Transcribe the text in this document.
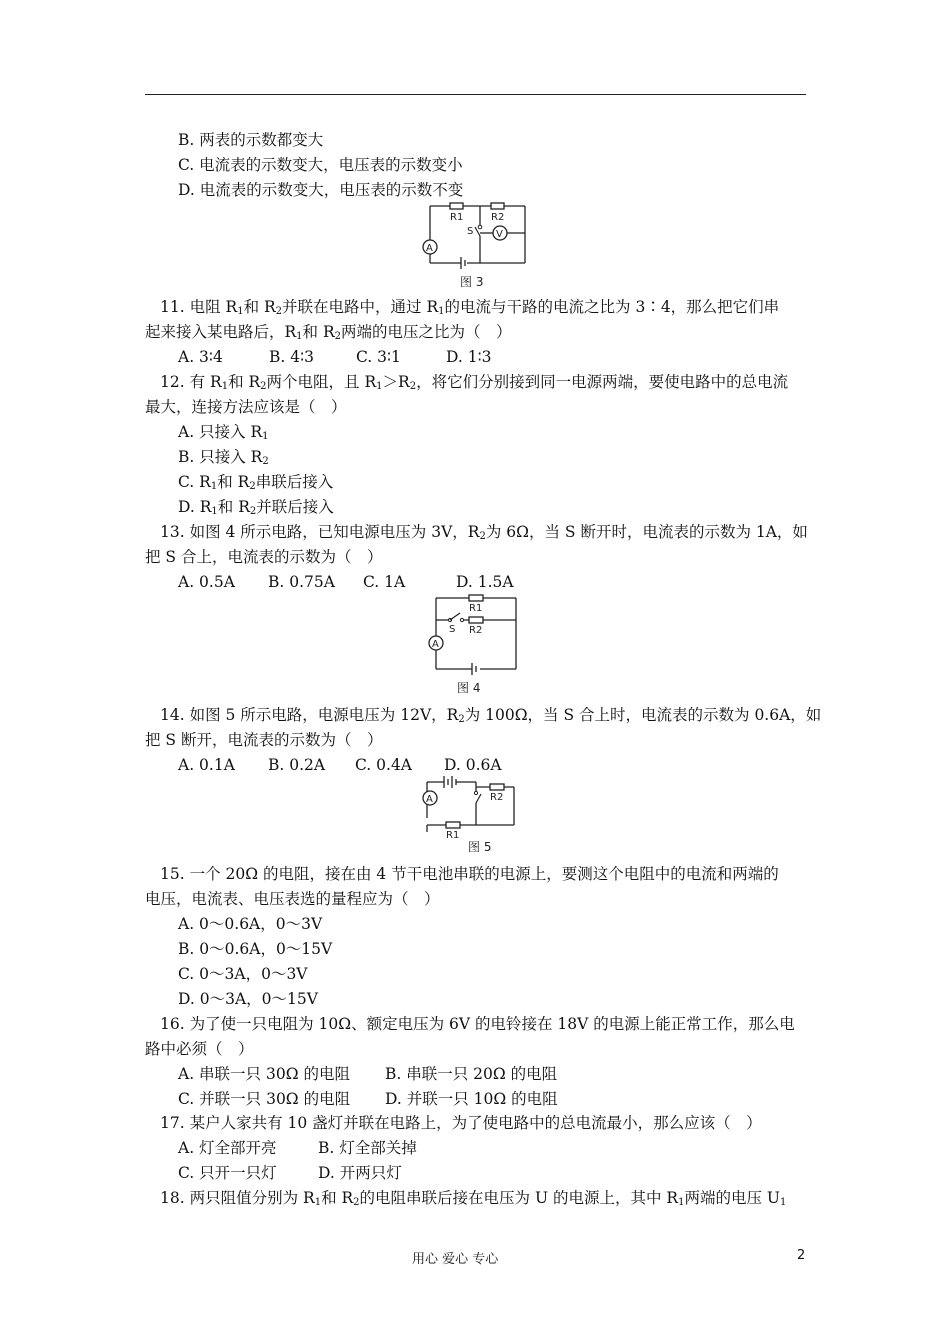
B. 两表的示数都变大
C. 电流表的示数变大，电压表的示数变小
D. 电流表的示数变大，电压表的示数不变
R1	R2
S
A
V
图 3
11. 电阻 $R_1$和 $R_2$并联在电路中，通过 $R_1$的电流与干路的电流之比为 3∶4，那么把它们串
起来接入某电路后，$R_1$和 $R_2$两端的电压之比为（　）
A. 3∶4	B. 4∶3	C. 3∶1	D. 1∶3
12. 有 $R_1$和 $R_2$两个电阻，且 $R_1>R_2$，将它们分别接到同一电源两端，要使电路中的总电流
最大，连接方法应该是（　）
A. 只接入 $R_1$
B. 只接入 $R_2$
C. $R_1$和 $R_2$串联后接入
D. $R_1$和 $R_2$并联后接入
13. 如图 4 所示电路，已知电源电压为 3V，$R_2$为 6Ω，当 S 断开时，电流表的示数为 1A，如
把 S 合上，电流表的示数为（　）
A. 0.5A B. 0.75A C. 1A	D. 1.5A
R1
R2
S
A
图 4
14. 如图 5 所示电路，电源电压为 12V，$R_2$为 100Ω，当 S 合上时，电流表的示数为 0.6A，如
把 S 断开，电流表的示数为（　）
A. 0.1A B. 0.2A C. 0.4A D. 0.6A
R2
R1
A
图 5
15. 一个 20Ω 的电阻，接在由 4 节干电池串联的电源上，要测这个电阻中的电流和两端的
电压，电流表、电压表选的量程应为（　）
A. 0～0.6A，0～3V
B. 0～0.6A，0～15V
C. 0～3A，0～3V
D. 0～3A，0～15V
16. 为了使一只电阻为 10Ω、额定电压为 6V 的电铃接在 18V 的电源上能正常工作，那么电
路中必须（　）
A. 串联一只 30Ω 的电阻 B. 串联一只 20Ω 的电阻
C. 并联一只 30Ω 的电阻 D. 并联一只 10Ω 的电阻
17. 某户人家共有 10 盏灯并联在电路上，为了使电路中的总电流最小，那么应该（　）
A. 灯全部开亮	B. 灯全部关掉
C. 只开一只灯	D. 开两只灯
18. 两只阻值分别为 $R_1$和 $R_2$的电阻串联后接在电压为 U 的电源上，其中 $R_1$两端的电压 $U_1$
用心 爱心 专心	2
